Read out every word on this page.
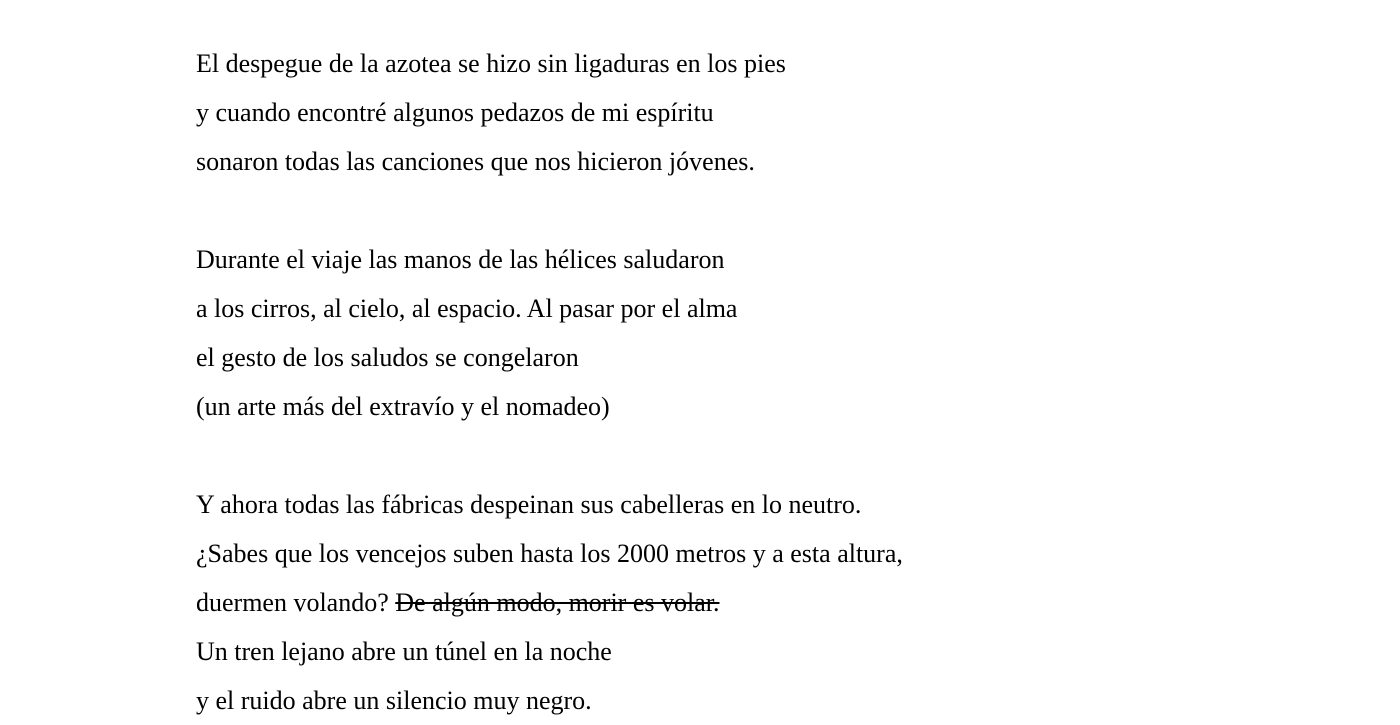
El despegue de la azotea se hizo sin ligaduras en los pies
y cuando encontré algunos pedazos de mi espíritu
sonaron todas las canciones que nos hicieron jóvenes.
Durante el viaje las manos de las hélices saludaron
a los cirros, al cielo, al espacio. Al pasar por el alma
el gesto de los saludos se congelaron
(un arte más del extravío y el nomadeo)
Y ahora todas las fábricas despeinan sus cabelleras en lo neutro.
¿Sabes que los vencejos suben hasta los 2000 metros y a esta altura,
duermen volando? De algún modo, morir es volar.
Un tren lejano abre un túnel en la noche
y el ruido abre un silencio muy negro.
